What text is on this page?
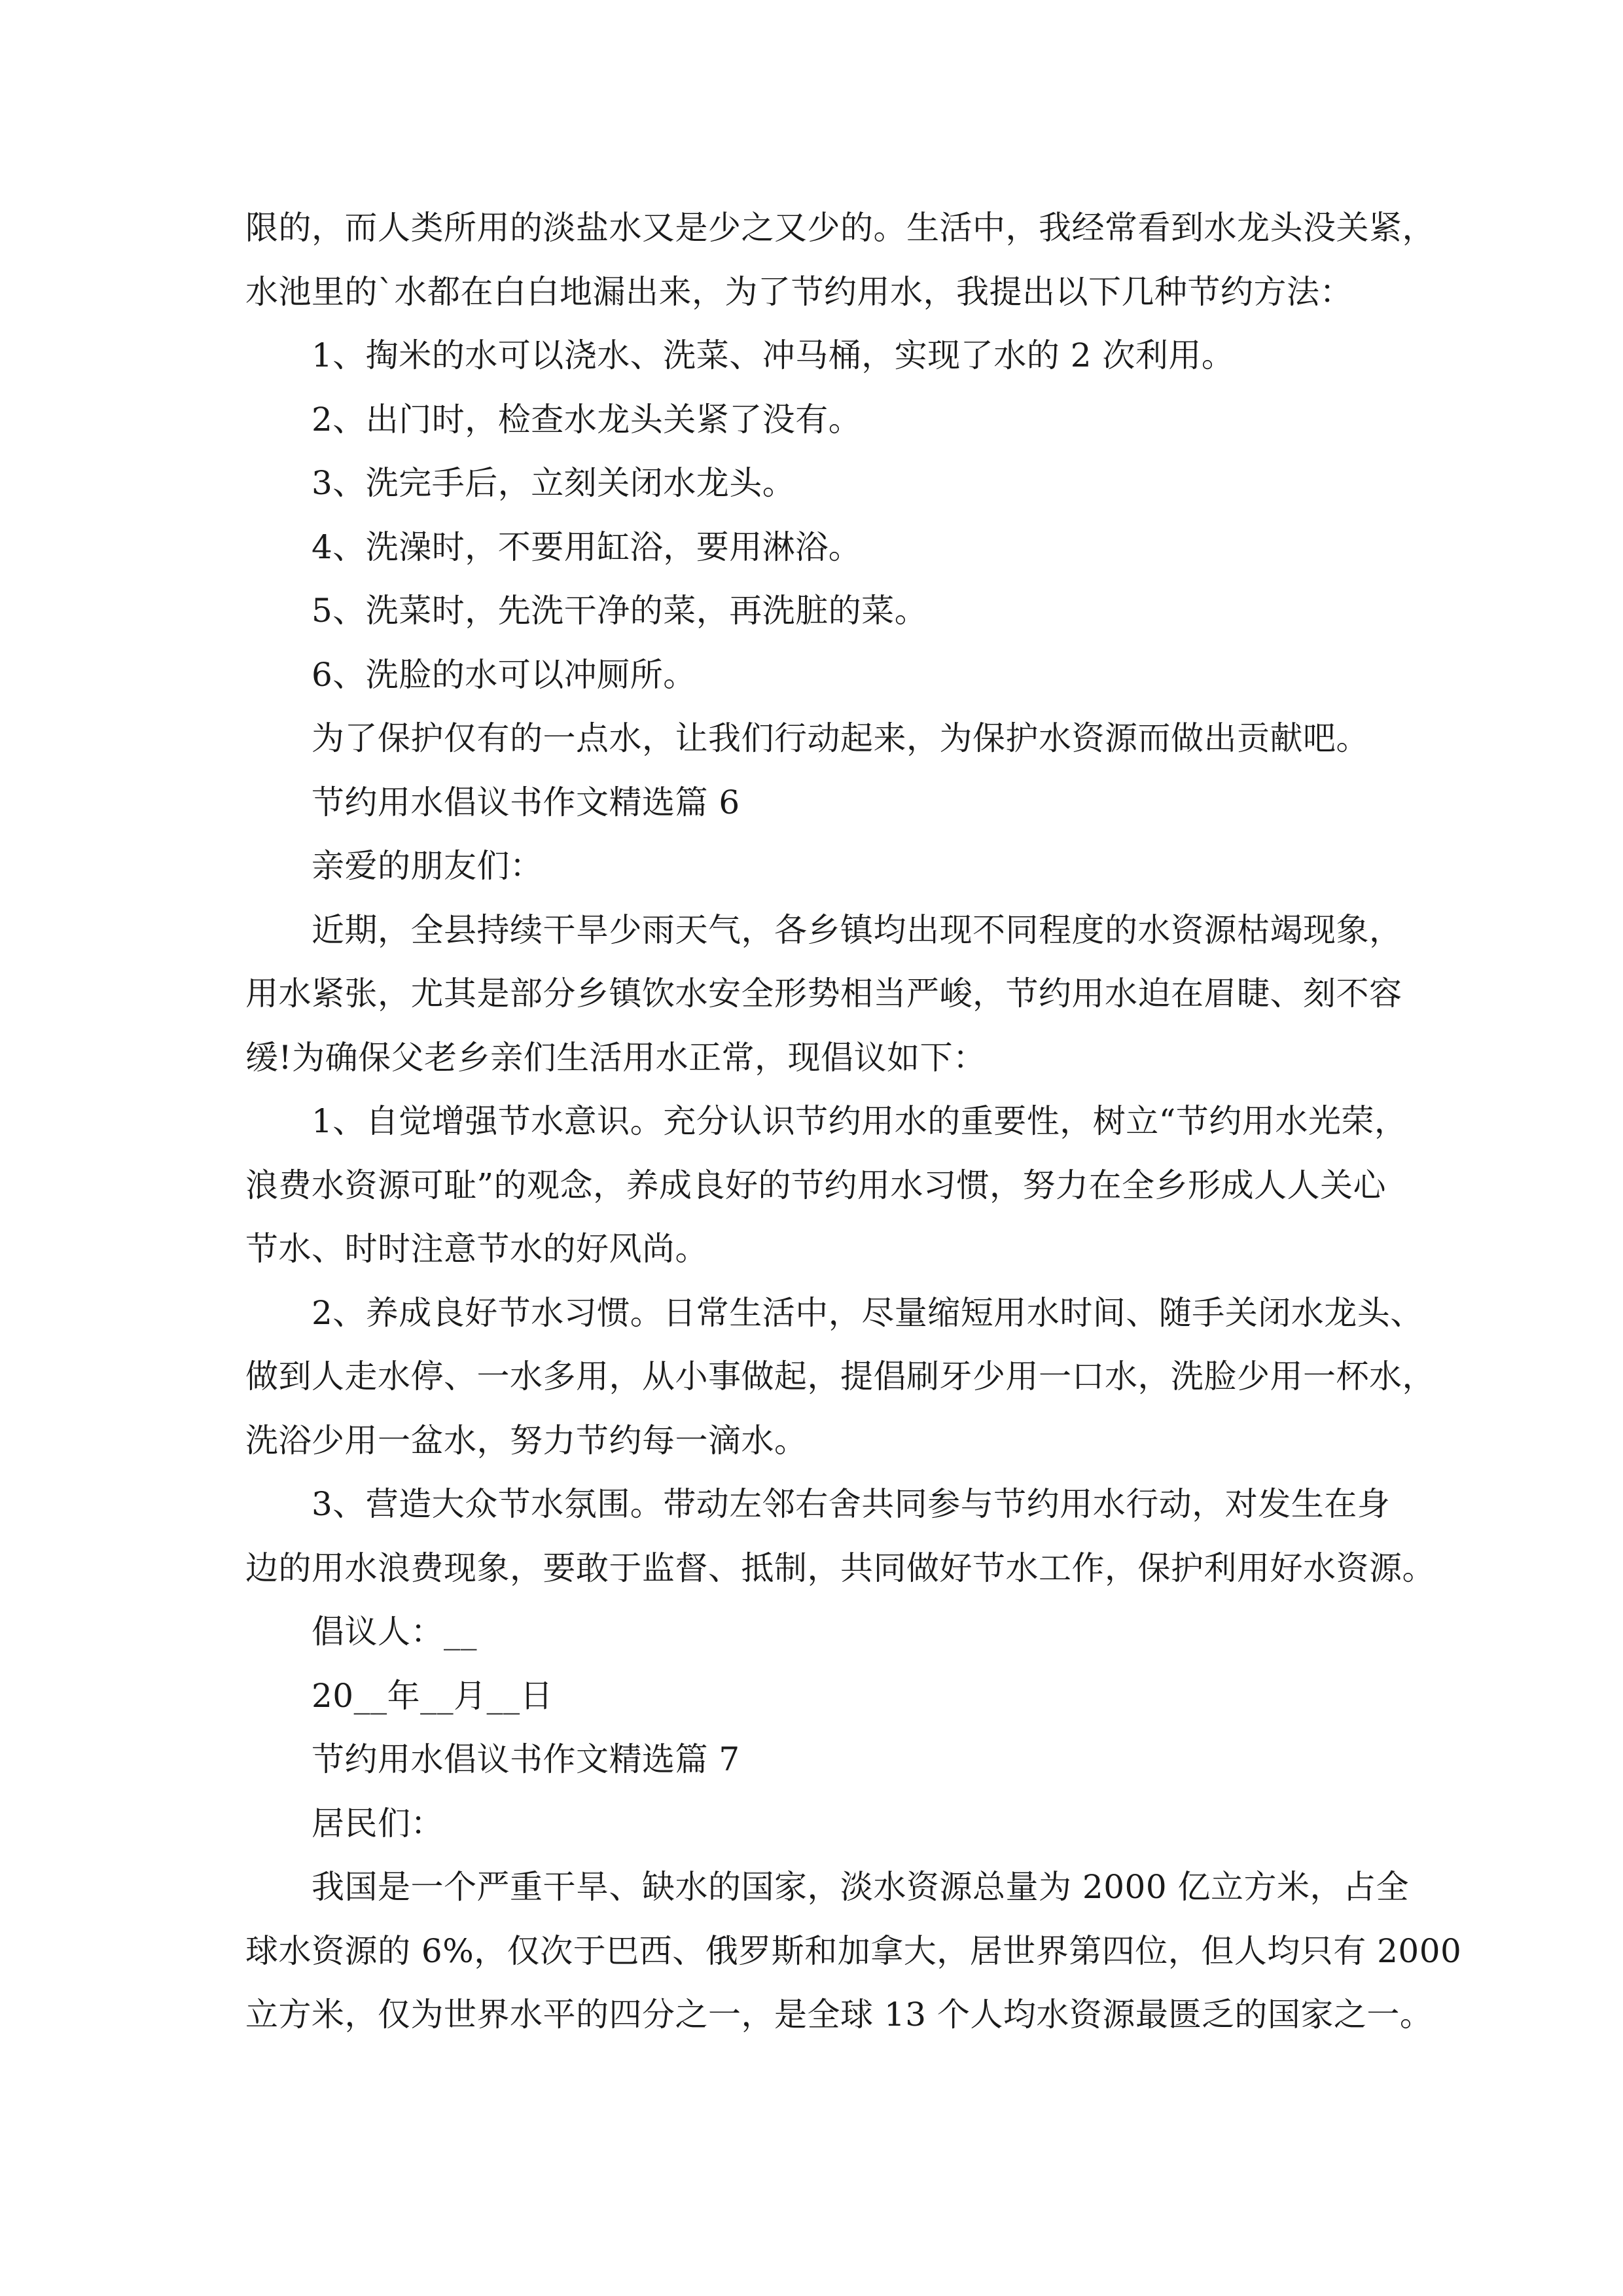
限的，而人类所用的淡盐水又是少之又少的。生活中，我经常看到水龙头没关紧，
水池里的`水都在白白地漏出来，为了节约用水，我提出以下几种节约方法：
1、掏米的水可以浇水、洗菜、冲马桶，实现了水的 2 次利用。
2、出门时，检查水龙头关紧了没有。
3、洗完手后，立刻关闭水龙头。
4、洗澡时，不要用缸浴，要用淋浴。
5、洗菜时，先洗干净的菜，再洗脏的菜。
6、洗脸的水可以冲厕所。
为了保护仅有的一点水，让我们行动起来，为保护水资源而做出贡献吧。
节约用水倡议书作文精选篇 6
亲爱的朋友们：
近期，全县持续干旱少雨天气，各乡镇均出现不同程度的水资源枯竭现象，
用水紧张，尤其是部分乡镇饮水安全形势相当严峻，节约用水迫在眉睫、刻不容
缓!为确保父老乡亲们生活用水正常，现倡议如下：
1、自觉增强节水意识。充分认识节约用水的重要性，树立“节约用水光荣，
浪费水资源可耻”的观念，养成良好的节约用水习惯，努力在全乡形成人人关心
节水、时时注意节水的好风尚。
2、养成良好节水习惯。日常生活中，尽量缩短用水时间、随手关闭水龙头、
做到人走水停、一水多用，从小事做起，提倡刷牙少用一口水，洗脸少用一杯水，
洗浴少用一盆水，努力节约每一滴水。
3、营造大众节水氛围。带动左邻右舍共同参与节约用水行动，对发生在身
边的用水浪费现象，要敢于监督、抵制，共同做好节水工作，保护利用好水资源。
倡议人：__
20__年__月__日
节约用水倡议书作文精选篇 7
居民们：
我国是一个严重干旱、缺水的国家，淡水资源总量为 2000 亿立方米，占全
球水资源的 6%，仅次于巴西、俄罗斯和加拿大，居世界第四位，但人均只有 2000
立方米，仅为世界水平的四分之一，是全球 13 个人均水资源最匮乏的国家之一。
